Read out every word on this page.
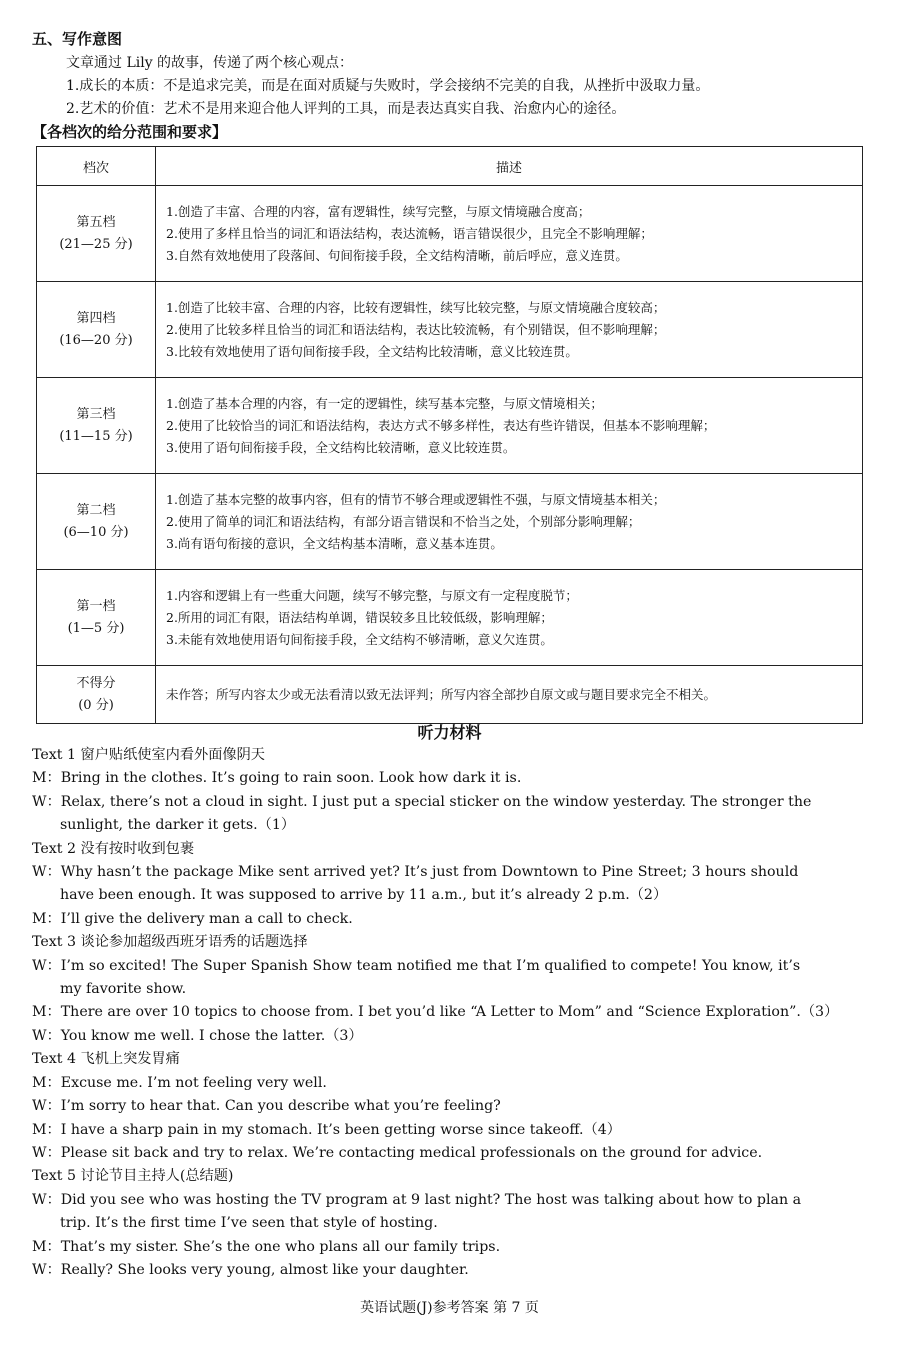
五、写作意图
文章通过 Lily 的故事，传递了两个核心观点：
1.成长的本质：不是追求完美，而是在面对质疑与失败时，学会接纳不完美的自我，从挫折中汲取力量。
2.艺术的价值：艺术不是用来迎合他人评判的工具，而是表达真实自我、治愈内心的途径。
【各档次的给分范围和要求】
档次	描述

第五档
(21—25 分)	1.创造了丰富、合理的内容，富有逻辑性，续写完整，与原文情境融合度高；
2.使用了多样且恰当的词汇和语法结构，表达流畅，语言错误很少，且完全不影响理解；
3.自然有效地使用了段落间、句间衔接手段，全文结构清晰，前后呼应，意义连贯。

第四档
(16—20 分)	1.创造了比较丰富、合理的内容，比较有逻辑性，续写比较完整，与原文情境融合度较高；
2.使用了比较多样且恰当的词汇和语法结构，表达比较流畅，有个别错误，但不影响理解；
3.比较有效地使用了语句间衔接手段，全文结构比较清晰，意义比较连贯。

第三档
(11—15 分)	1.创造了基本合理的内容，有一定的逻辑性，续写基本完整，与原文情境相关；
2.使用了比较恰当的词汇和语法结构，表达方式不够多样性，表达有些许错误，但基本不影响理解；
3.使用了语句间衔接手段，全文结构比较清晰，意义比较连贯。

第二档
(6—10 分)	1.创造了基本完整的故事内容，但有的情节不够合理或逻辑性不强，与原文情境基本相关；
2.使用了简单的词汇和语法结构，有部分语言错误和不恰当之处，个别部分影响理解；
3.尚有语句衔接的意识，全文结构基本清晰，意义基本连贯。

第一档
(1—5 分)	1.内容和逻辑上有一些重大问题，续写不够完整，与原文有一定程度脱节；
2.所用的词汇有限，语法结构单调，错误较多且比较低级，影响理解；
3.未能有效地使用语句间衔接手段，全文结构不够清晰，意义欠连贯。

不得分
(0 分)	未作答；所写内容太少或无法看清以致无法评判；所写内容全部抄自原文或与题目要求完全不相关。
听力材料
Text 1 窗户贴纸使室内看外面像阴天
M：Bring in the clothes. It’s going to rain soon. Look how dark it is.
W：Relax, there’s not a cloud in sight. I just put a special sticker on the window yesterday. The stronger the
sunlight, the darker it gets.（1）
Text 2 没有按时收到包裹
W：Why hasn’t the package Mike sent arrived yet? It’s just from Downtown to Pine Street; 3 hours should
have been enough. It was supposed to arrive by 11 a.m., but it’s already 2 p.m.（2）
M：I’ll give the delivery man a call to check.
Text 3 谈论参加超级西班牙语秀的话题选择
W：I’m so excited! The Super Spanish Show team notified me that I’m qualified to compete! You know, it’s
my favorite show.
M：There are over 10 topics to choose from. I bet you’d like “A Letter to Mom” and “Science Exploration”.（3）
W：You know me well. I chose the latter.（3）
Text 4 飞机上突发胃痛
M：Excuse me. I’m not feeling very well.
W：I’m sorry to hear that. Can you describe what you’re feeling?
M：I have a sharp pain in my stomach. It’s been getting worse since takeoff.（4）
W：Please sit back and try to relax. We’re contacting medical professionals on the ground for advice.
Text 5 讨论节目主持人(总结题)
W：Did you see who was hosting the TV program at 9 last night? The host was talking about how to plan a
trip. It’s the first time I’ve seen that style of hosting.
M：That’s my sister. She’s the one who plans all our family trips.
W：Really? She looks very young, almost like your daughter.
英语试题(J)参考答案 第 7 页
